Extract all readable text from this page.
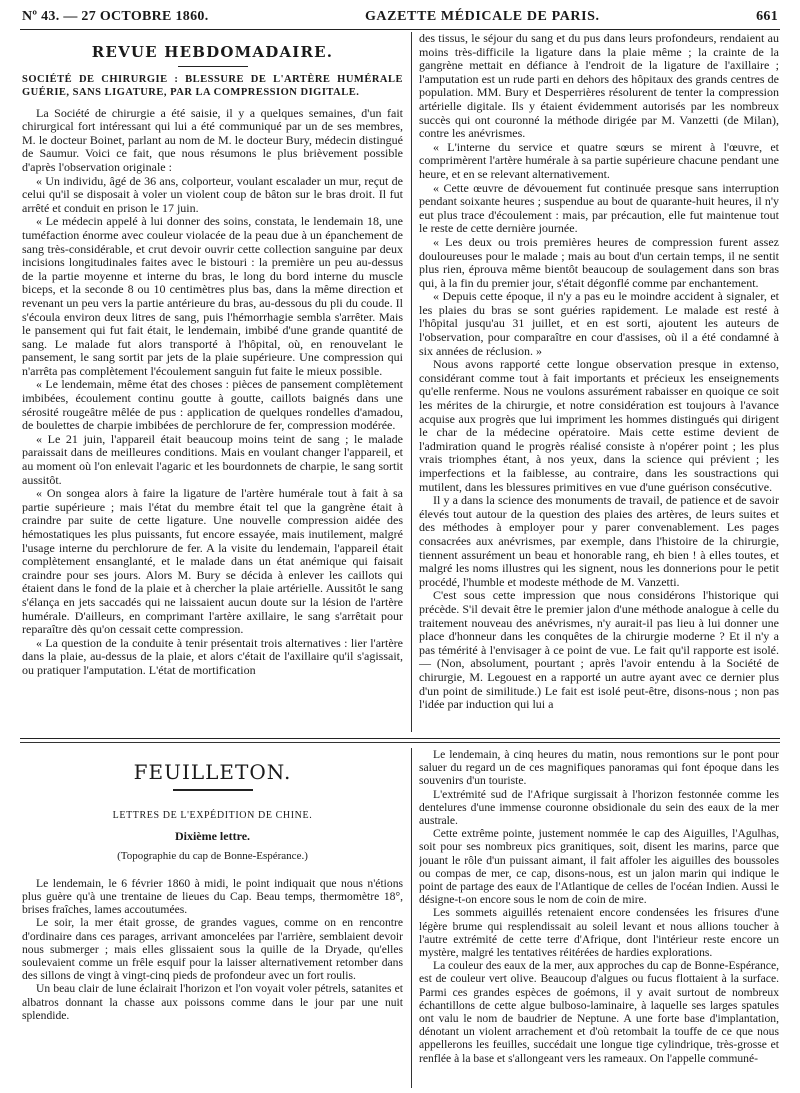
Nº 43. — 27 OCTOBRE 1860.	GAZETTE MÉDICALE DE PARIS.	661
REVUE HEBDOMADAIRE.
SOCIÉTÉ DE CHIRURGIE : BLESSURE DE L'ARTÈRE HUMÉRALE GUÉRIE, SANS LIGATURE, PAR LA COMPRESSION DIGITALE.

La Société de chirurgie a été saisie, il y a quelques semaines, d'un fait chirurgical fort intéressant qui lui a été communiqué par un de ses membres, M. le docteur Boinet, parlant au nom de M. le docteur Bury, médecin distingué de Saumur. Voici ce fait, que nous résumons le plus brièvement possible d'après l'observation originale :

« Un individu, âgé de 36 ans, colporteur, voulant escalader un mur, reçut de celui qu'il se disposait à voler un violent coup de bâton sur le bras droit. Il fut arrêté et conduit en prison le 17 juin.

« Le médecin appelé à lui donner des soins, constata, le lendemain 18, une tuméfaction énorme avec couleur violacée de la peau due à un épanchement de sang très-considérable, et crut devoir ouvrir cette collection sanguine par deux incisions longitudinales faites avec le bistouri : la première un peu au-dessus de la partie moyenne et interne du bras, le long du bord interne du muscle biceps, et la seconde 8 ou 10 centimètres plus bas, dans la même direction et revenant un peu vers la partie antérieure du bras, au-dessous du pli du coude. Il s'écoula environ deux litres de sang, puis l'hémorrhagie sembla s'arrêter. Mais le pansement qui fut fait était, le lendemain, imbibé d'une grande quantité de sang. Le malade fut alors transporté à l'hôpital, où, en renouvelant le pansement, le sang sortit par jets de la plaie supérieure. Une compression qui n'arrêta pas complètement l'écoulement sanguin fut faite le mieux possible.

« Le lendemain, même état des choses : pièces de pansement complètement imbibées, écoulement continu goutte à goutte, caillots baignés dans une sérosité rougeâtre mêlée de pus : application de quelques rondelles d'amadou, de boulettes de charpie imbibées de perchlorure de fer, compression modérée.

« Le 21 juin, l'appareil était beaucoup moins teint de sang ; le malade paraissait dans de meilleures conditions. Mais en voulant changer l'appareil, et au moment où l'on enlevait l'agaric et les bourdonnets de charpie, le sang sortit aussitôt.

« On songea alors à faire la ligature de l'artère humérale tout à fait à sa partie supérieure ; mais l'état du membre était tel que la gangrène était à craindre par suite de cette ligature. Une nouvelle compression aidée des hémostatiques les plus puissants, fut encore essayée, mais inutilement, malgré l'usage interne du perchlorure de fer. A la visite du lendemain, l'appareil était complètement ensanglanté, et le malade dans un état anémique qui faisait craindre pour ses jours. Alors M. Bury se décida à enlever les caillots qui étaient dans le fond de la plaie et à chercher la plaie artérielle. Aussitôt le sang s'élança en jets saccadés qui ne laissaient aucun doute sur la lésion de l'artère humérale. D'ailleurs, en comprimant l'artère axillaire, le sang s'arrêtait pour reparaître dès qu'on cessait cette compression.

« La question de la conduite à tenir présentait trois alternatives : lier l'artère dans la plaie, au-dessus de la plaie, et alors c'était de l'axillaire qu'il s'agissait, ou pratiquer l'amputation. L'état de mortification

des tissus, le séjour du sang et du pus dans leurs profondeurs, rendaient au moins très-difficile la ligature dans la plaie même ; la crainte de la gangrène mettait en défiance à l'endroit de la ligature de l'axillaire ; l'amputation est un rude parti en dehors des hôpitaux des grands centres de population. MM. Bury et Desperrières résolurent de tenter la compression artérielle digitale. Ils y étaient évidemment autorisés par les nombreux succès qui ont couronné la méthode dirigée par M. Vanzetti (de Milan), contre les anévrismes.

« L'interne du service et quatre sœurs se mirent à l'œuvre, et comprimèrent l'artère humérale à sa partie supérieure chacune pendant une heure, et en se relevant alternativement.

« Cette œuvre de dévouement fut continuée presque sans interruption pendant soixante heures ; suspendue au bout de quarante-huit heures, il n'y eut plus trace d'écoulement : mais, par précaution, elle fut maintenue tout le reste de cette dernière journée.

« Les deux ou trois premières heures de compression furent assez douloureuses pour le malade ; mais au bout d'un certain temps, il ne sentit plus rien, éprouva même bientôt beaucoup de soulagement dans son bras qui, à la fin du premier jour, s'était dégonflé comme par enchantement.

« Depuis cette époque, il n'y a pas eu le moindre accident à signaler, et les plaies du bras se sont guéries rapidement. Le malade est resté à l'hôpital jusqu'au 31 juillet, et en est sorti, ajoutent les auteurs de l'observation, pour comparaître en cour d'assises, où il a été condamné à six années de réclusion. »

Nous avons rapporté cette longue observation presque in extenso, considérant comme tout à fait importants et précieux les enseignements qu'elle renferme. Nous ne voulons assurément rabaisser en quoique ce soit les mérites de la chirurgie, et notre considération est toujours à l'avance acquise aux progrès que lui impriment les hommes distingués qui dirigent le char de la médecine opératoire. Mais cette estime devient de l'admiration quand le progrès réalisé consiste à n'opérer point ; les plus vrais triomphes étant, à nos yeux, dans la science qui prévient ; les imperfections et la faiblesse, au contraire, dans les soustractions qui mutilent, dans les blessures primitives en vue d'une guérison consécutive.

Il y a dans la science des monuments de travail, de patience et de savoir élevés tout autour de la question des plaies des artères, de leurs suites et des méthodes à employer pour y parer convenablement. Les pages consacrées aux anévrismes, par exemple, dans l'histoire de la chirurgie, tiennent assurément un beau et honorable rang, eh bien ! à elles toutes, et malgré les noms illustres qui les signent, nous les donnerions pour le petit procédé, l'humble et modeste méthode de M. Vanzetti.

C'est sous cette impression que nous considérons l'historique qui précède. S'il devait être le premier jalon d'une méthode analogue à celle du traitement nouveau des anévrismes, n'y aurait-il pas lieu à lui donner une place d'honneur dans les conquêtes de la chirurgie moderne ? Et il n'y a pas témérité à l'envisager à ce point de vue. Le fait qu'il rapporte est isolé. — (Non, absolument, pourtant ; après l'avoir entendu à la Société de chirurgie, M. Legouest en a rapporté un autre ayant avec ce dernier plus d'un point de similitude.) Le fait est isolé peut-être, disons-nous ; non pas l'idée par induction qui lui a

FEUILLETON.
LETTRES DE L'EXPÉDITION DE CHINE.
Dixième lettre.
(Topographie du cap de Bonne-Espérance.)

Le lendemain, le 6 février 1860 à midi, le point indiquait que nous n'étions plus guère qu'à une trentaine de lieues du Cap. Beau temps, thermomètre 18°, brises fraîches, lames accoutumées.

Le soir, la mer était grosse, de grandes vagues, comme on en rencontre d'ordinaire dans ces parages, arrivant amoncelées par l'arrière, semblaient devoir nous submerger ; mais elles glissaient sous la quille de la Dryade, qu'elles soulevaient comme un frêle esquif pour la laisser alternativement retomber dans des sillons de vingt à vingt-cinq pieds de profondeur avec un fort roulis.

Un beau clair de lune éclairait l'horizon et l'on voyait voler pétrels, satanites et albatros donnant la chasse aux poissons comme dans le jour par une nuit splendide.

Le lendemain, à cinq heures du matin, nous remontions sur le pont pour saluer du regard un de ces magnifiques panoramas qui font époque dans les souvenirs d'un touriste.

L'extrémité sud de l'Afrique surgissait à l'horizon festonnée comme les dentelures d'une immense couronne obsidionale du sein des eaux de la mer australe.

Cette extrême pointe, justement nommée le cap des Aiguilles, l'Agulhas, soit pour ses nombreux pics granitiques, soit, disent les marins, parce que jouant le rôle d'un puissant aimant, il fait affoler les aiguilles des boussoles ou compas de mer, ce cap, disons-nous, est un jalon marin qui indique le point de partage des eaux de l'Atlantique de celles de l'océan Indien. Aussi le désigne-t-on encore sous le nom de coin de mire.

Les sommets aiguillés retenaient encore condensées les frisures d'une légère brume qui resplendissait au soleil levant et nous allions toucher à l'autre extrémité de cette terre d'Afrique, dont l'intérieur reste encore un mystère, malgré les tentatives réitérées de hardies explorations.

La couleur des eaux de la mer, aux approches du cap de Bonne-Espérance, est de couleur vert olive. Beaucoup d'algues ou fucus flottaient à la surface. Parmi ces grandes espèces de goémons, il y avait surtout de nombreux échantillons de cette algue bulboso-laminaire, à laquelle ses larges spatules ont valu le nom de baudrier de Neptune. A une forte base d'implantation, dénotant un violent arrachement et d'où retombait la touffe de ce que nous appellerons les feuilles, succédait une longue tige cylindrique, très-grosse et renflée à la base et s'allongeant vers les rameaux. On l'appelle communé-
